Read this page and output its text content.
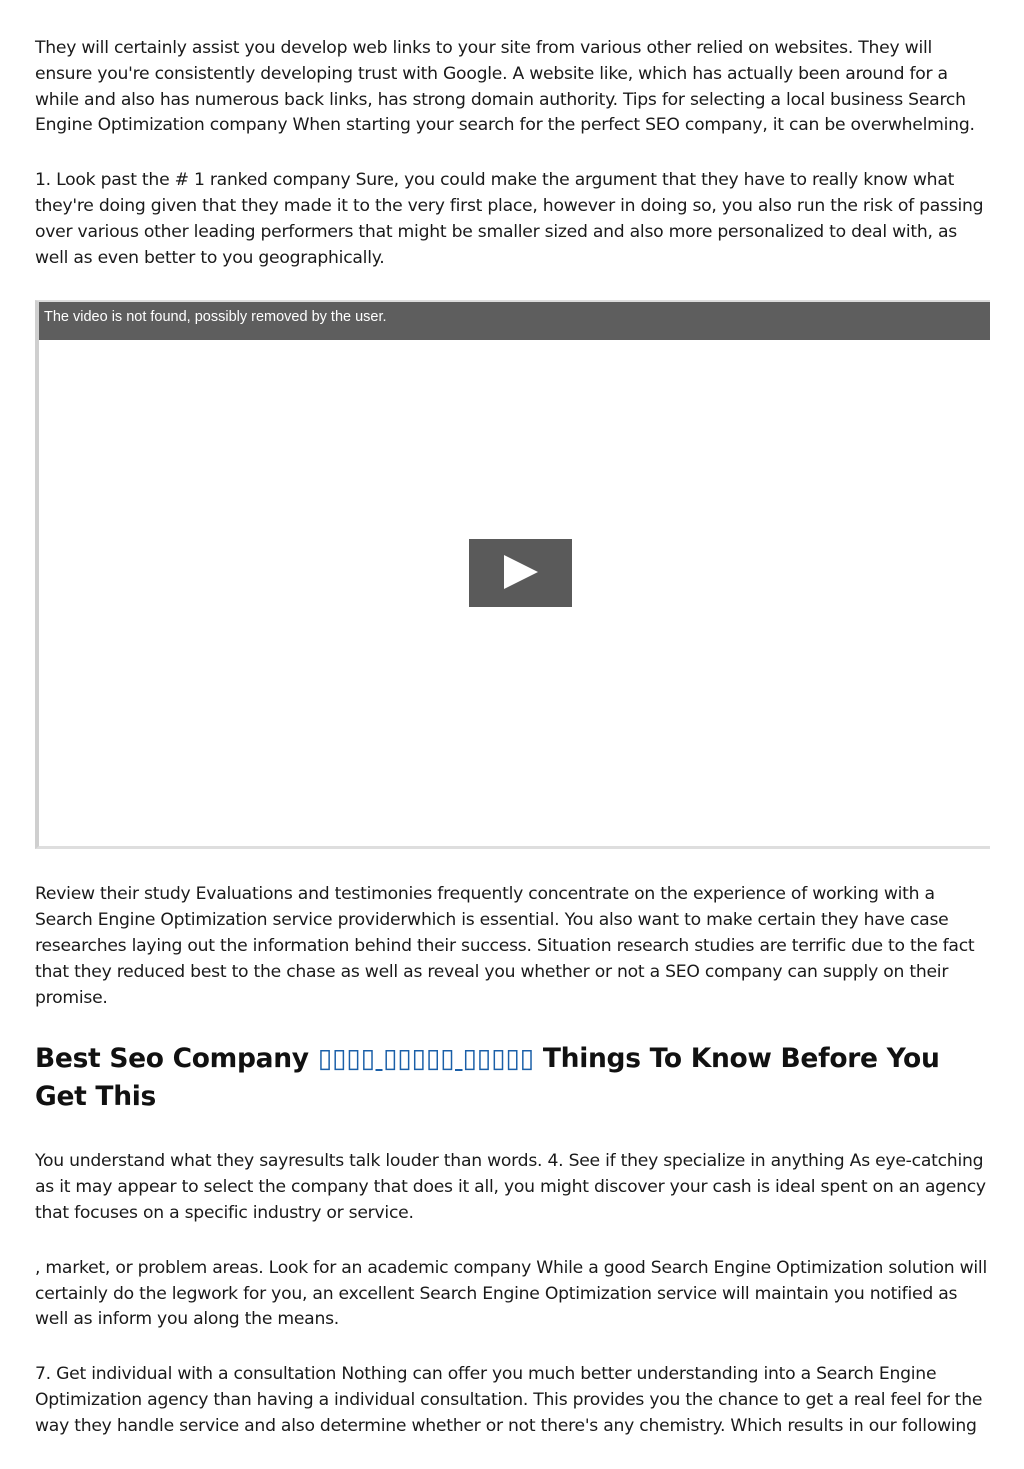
They will certainly assist you develop web links to your site from various other relied on websites. They will ensure you're consistently developing trust with Google. A website like, which has actually been around for a while and also has numerous back links, has strong domain authority. Tips for selecting a local business Search Engine Optimization company When starting your search for the perfect SEO company, it can be overwhelming.

1. Look past the # 1 ranked company Sure, you could make the argument that they have to really know what they're doing given that they made it to the very first place, however in doing so, you also run the risk of passing over various other leading performers that might be smaller sized and also more personalized to deal with, as well as even better to you geographically.

The video is not found, possibly removed by the user.

Review their study Evaluations and testimonies frequently concentrate on the experience of working with a Search Engine Optimization service providerwhich is essential. You also want to make certain they have case researches laying out the information behind their success. Situation research studies are terrific due to the fact that they reduced best to the chase as well as reveal you whether or not a SEO company can supply on their promise.

Best Seo Company ▯▯▯▯ ▯▯▯▯▯ ▯▯▯▯▯ Things To Know Before You Get This

You understand what they sayresults talk louder than words. 4. See if they specialize in anything As eye-catching as it may appear to select the company that does it all, you might discover your cash is ideal spent on an agency that focuses on a specific industry or service.

, market, or problem areas. Look for an academic company While a good Search Engine Optimization solution will certainly do the legwork for you, an excellent Search Engine Optimization service will maintain you notified as well as inform you along the means.

7. Get individual with a consultation Nothing can offer you much better understanding into a Search Engine Optimization agency than having a individual consultation. This provides you the chance to get a real feel for the way they handle service and also determine whether or not there's any chemistry. Which results in our following
